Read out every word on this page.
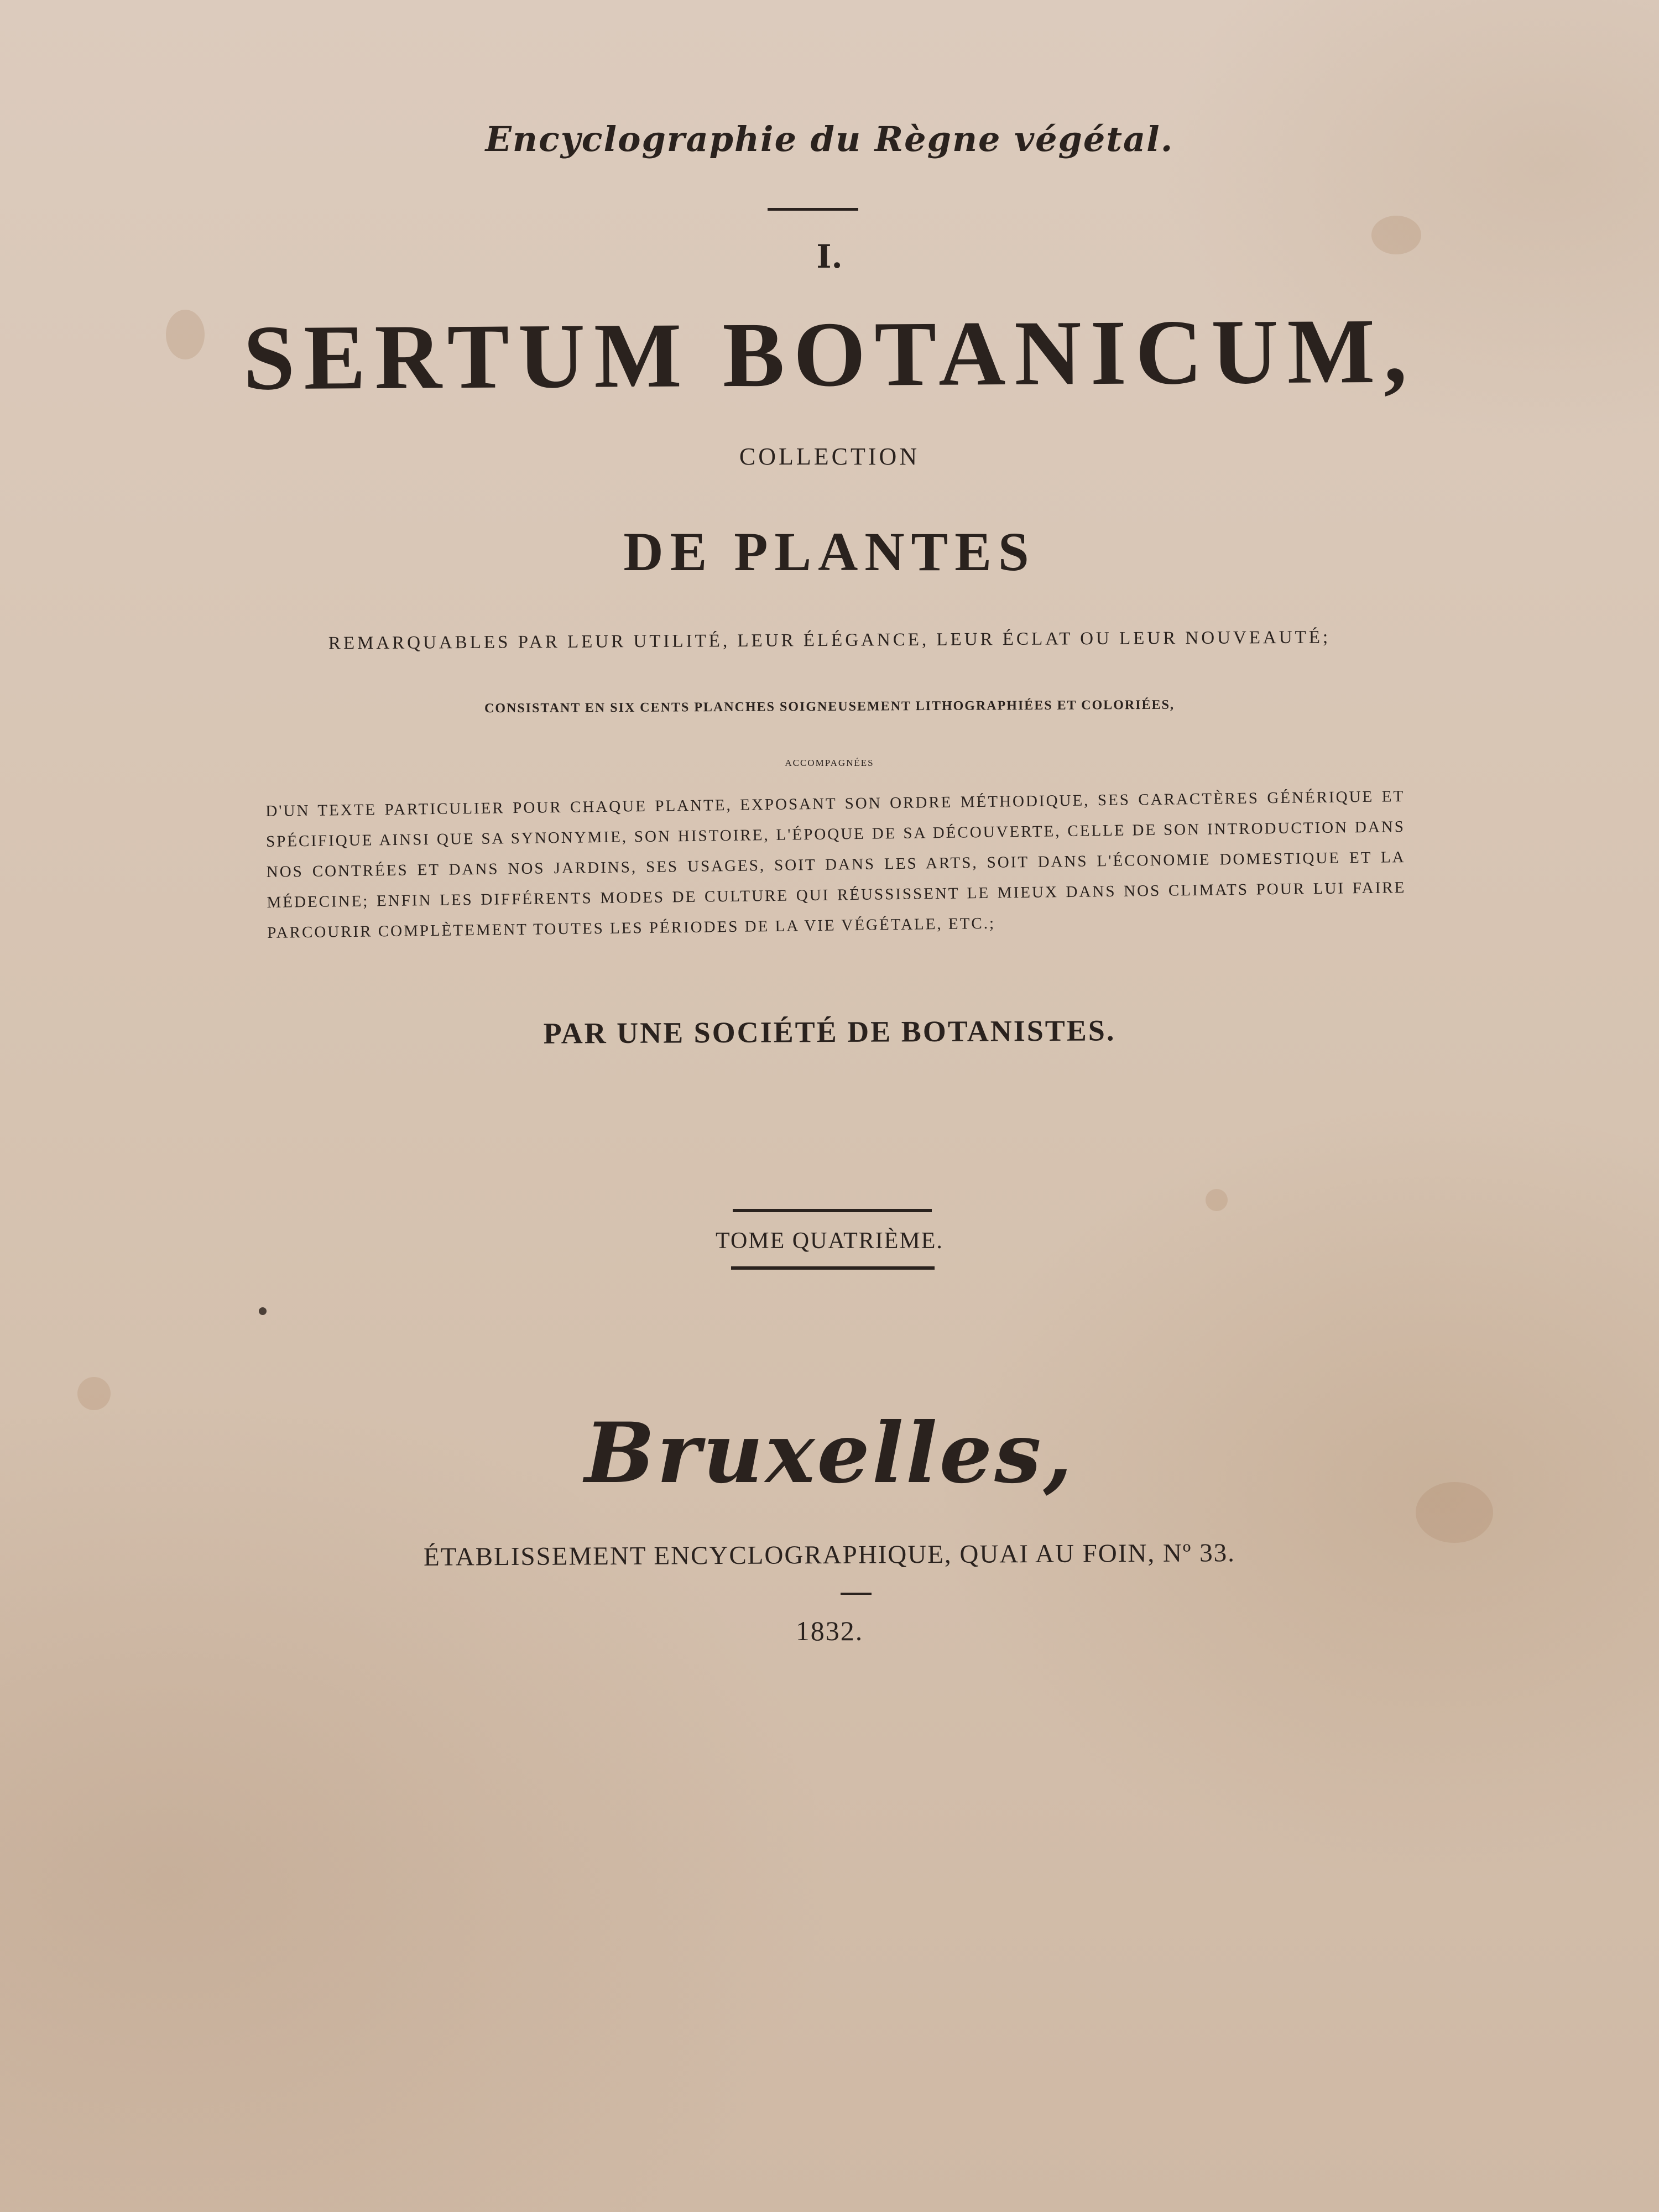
Encyclographie du Règne végétal.
I.
SERTUM BOTANICUM,
COLLECTION
DE PLANTES
REMARQUABLES PAR LEUR UTILITÉ, LEUR ÉLÉGANCE, LEUR ÉCLAT OU LEUR NOUVEAUTÉ;
CONSISTANT EN SIX CENTS PLANCHES SOIGNEUSEMENT LITHOGRAPHIÉES ET COLORIÉES,
ACCOMPAGNÉES
D'UN TEXTE PARTICULIER POUR CHAQUE PLANTE, EXPOSANT SON ORDRE MÉTHODIQUE, SES CARACTÈRES GÉNÉRIQUE ET SPÉCIFIQUE AINSI QUE SA SYNONYMIE, SON HISTOIRE, L'ÉPOQUE DE SA DÉCOUVERTE, CELLE DE SON INTRODUCTION DANS NOS CONTRÉES ET DANS NOS JARDINS, SES USAGES, SOIT DANS LES ARTS, SOIT DANS L'ÉCONOMIE DOMESTIQUE ET LA MÉDECINE; ENFIN LES DIFFÉRENTS MODES DE CULTURE QUI RÉUSSISSENT LE MIEUX DANS NOS CLIMATS POUR LUI FAIRE PARCOURIR COMPLÈTEMENT TOUTES LES PÉRIODES DE LA VIE VÉGÉTALE, ETC.;
PAR UNE SOCIÉTÉ DE BOTANISTES.
TOME QUATRIÈME.
Bruxelles,
ÉTABLISSEMENT ENCYCLOGRAPHIQUE, QUAI AU FOIN, Nº 33.
1832.
